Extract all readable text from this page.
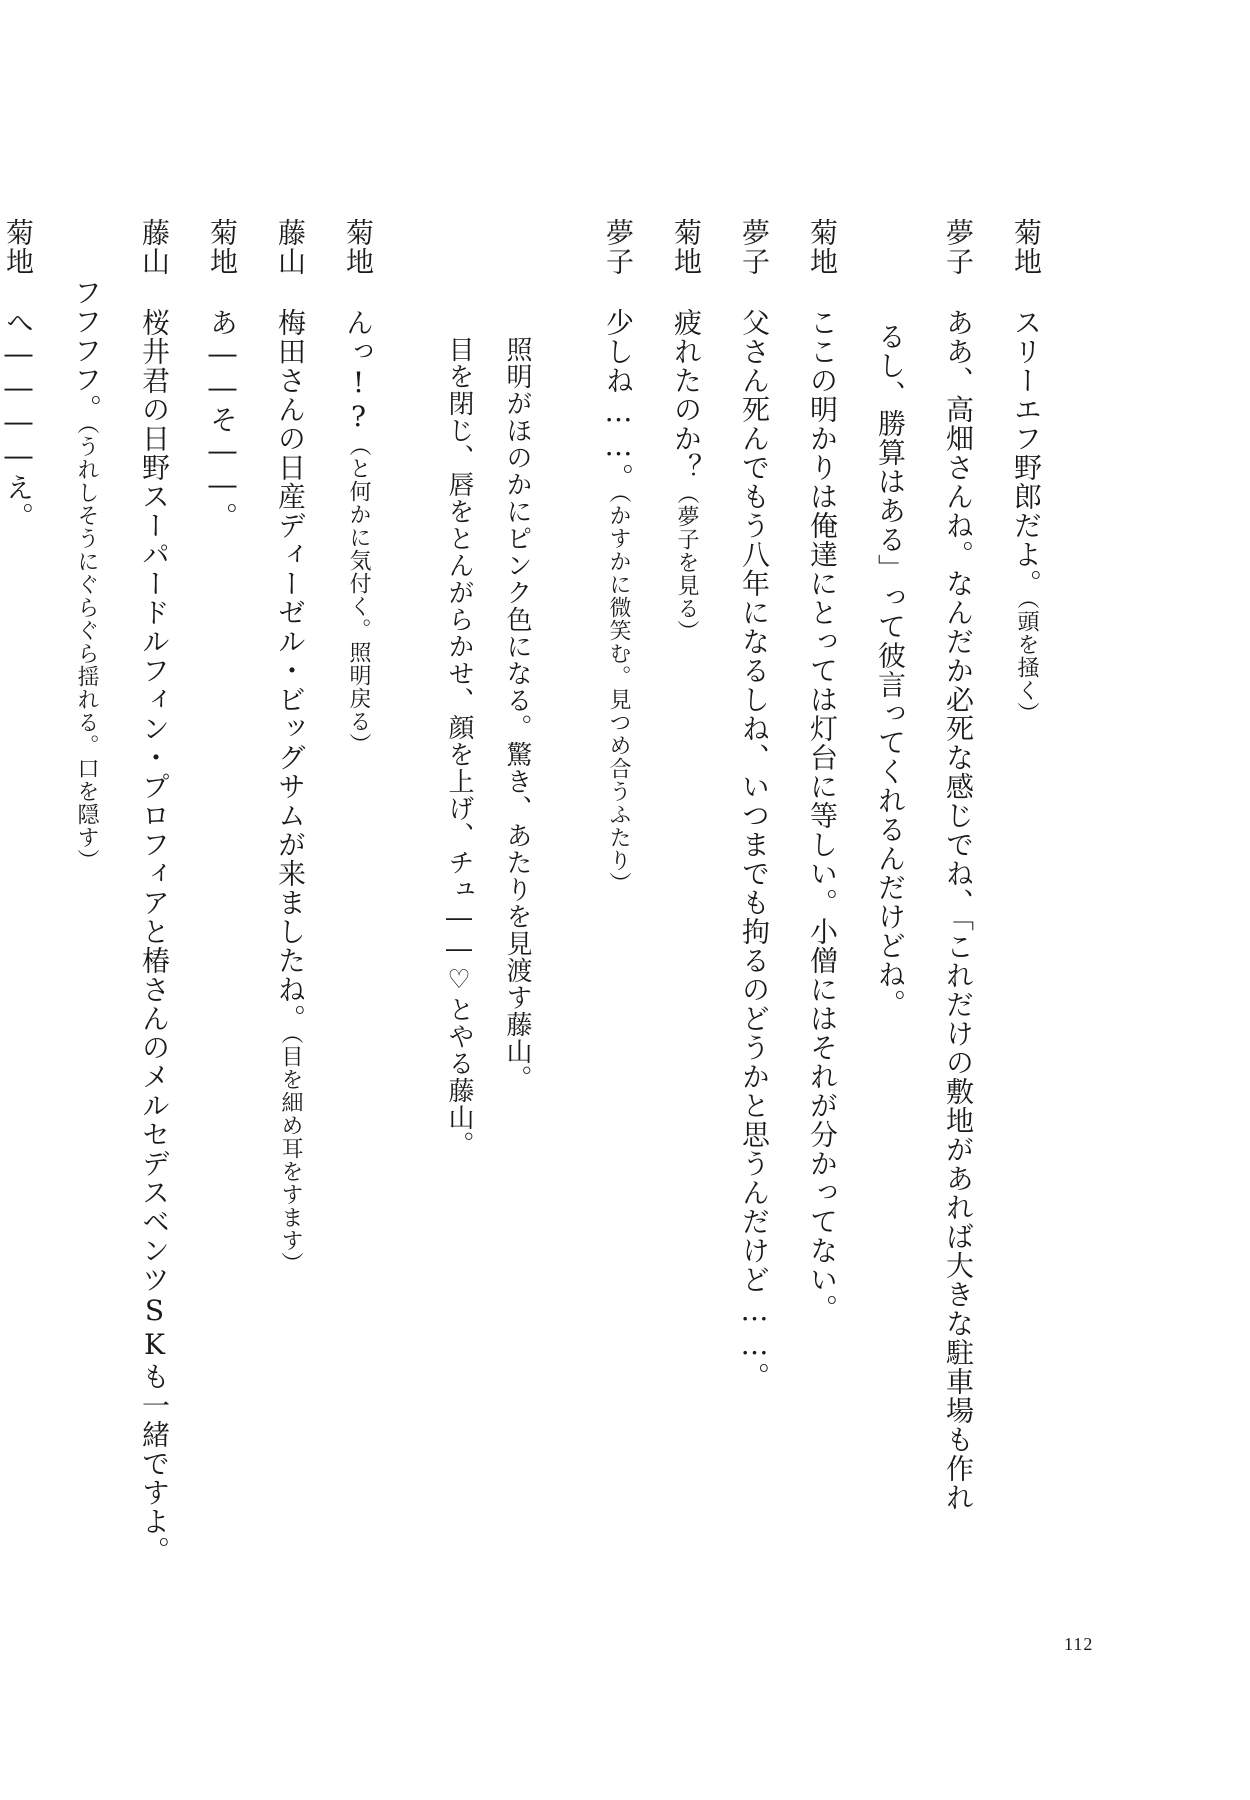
菊地スリーエフ野郎だよ。（頭を掻く）
夢子ああ、高畑さんね。なんだか必死な感じでね、「これだけの敷地があれば大きな駐車場も作れ
るし、勝算はある」って彼言ってくれるんだけどね。
菊地ここの明かりは俺達にとっては灯台に等しい。小僧にはそれが分かってない。
夢子父さん死んでもう八年になるしね、いつまでも拘るのどうかと思うんだけど……。
菊地疲れたのか？（夢子を見る）
夢子少しね……。（かすかに微笑む。見つめ合うふたり）
照明がほのかにピンク色になる。驚き、あたりを見渡す藤山。
目を閉じ、唇をとんがらかせ、顔を上げ、チュ――♡とやる藤山。
菊地んっ!?（と何かに気付く。照明戻る）
藤山梅田さんの日産ディーゼル・ビッグサムが来ましたね。（目を細め耳をすます）
菊地あ――そ――。
藤山桜井君の日野スーパードルフィン・プロフィアと椿さんのメルセデスベンツSKも一緒ですよ。
フフフフ。（うれしそうにぐらぐら揺れる。口を隠す）
菊地へ――――え。
112
